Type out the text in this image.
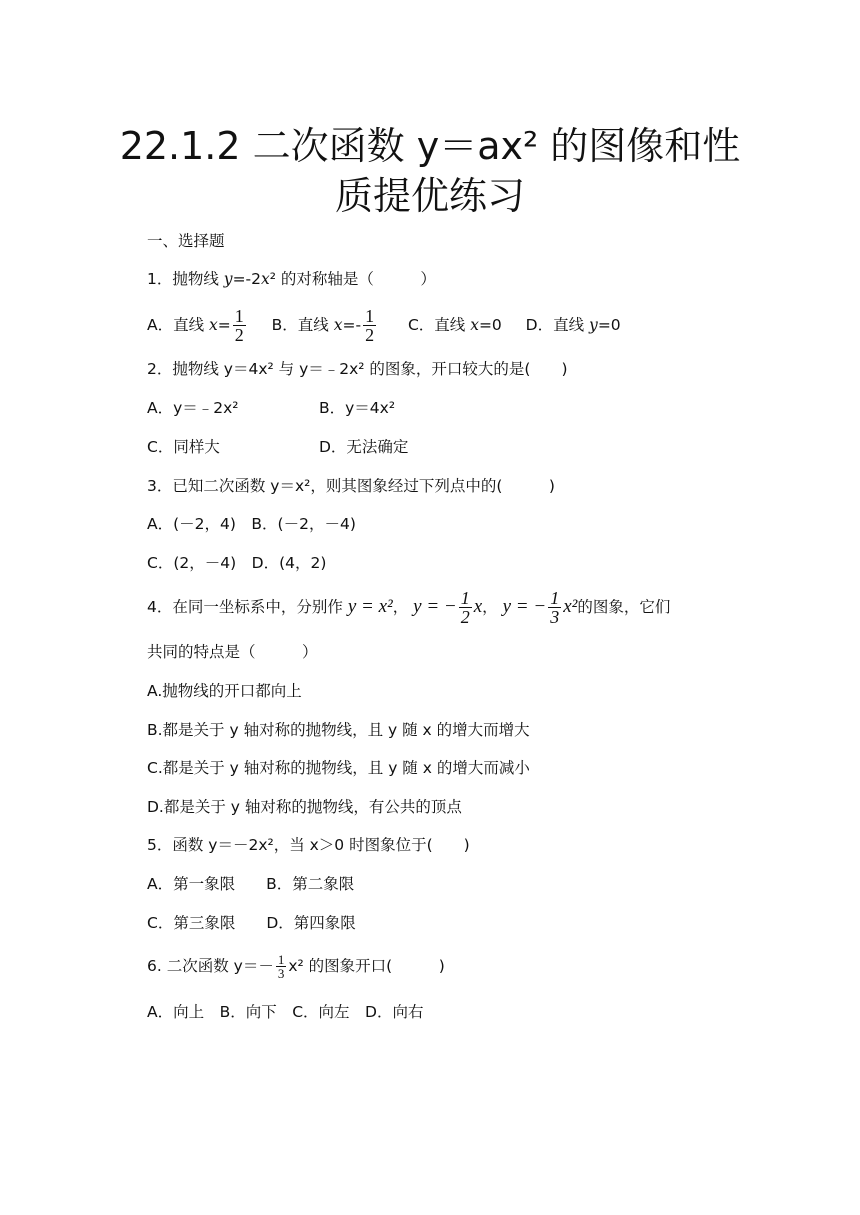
22.1.2 二次函数 y＝ax² 的图像和性
质提优练习
一、选择题
1．抛物线 y=-2x² 的对称轴是（　　　）
A．直线 $x= \frac{1}{2}$ B．直线 $x=- \frac{1}{2}$ C．直线 x=0 D．直线 y=0
2．抛物线 y＝4x² 与 y＝﹣2x² 的图象，开口较大的是(　　)
A．y＝﹣2x²	B．y＝4x²
C．同样大	D．无法确定
3．已知二次函数 y＝x²，则其图象经过下列点中的(　　　)
A．(－2，4)　B．(－2，－4)
C．(2，－4)　D．(4，2)
4．在同一坐标系中，分别作 y = x²， y = − $\frac{1}{2}$ x， y = − $\frac{1}{3} x^2$的图象，它们
共同的特点是（　　　）
A.抛物线的开口都向上
B.都是关于 y 轴对称的抛物线，且 y 随 x 的增大而增大
C.都是关于 y 轴对称的抛物线，且 y 随 x 的增大而减小
D.都是关于 y 轴对称的抛物线，有公共的顶点
5．函数 y＝－2x²，当 x＞0 时图象位于(　　)
A．第一象限　　B．第二象限
C．第三象限　　D．第四象限
6. 二次函数 $y=- \frac{1}{3} x^2$ 的图象开口(　　　)
A．向上　B．向下　C．向左　D．向右
